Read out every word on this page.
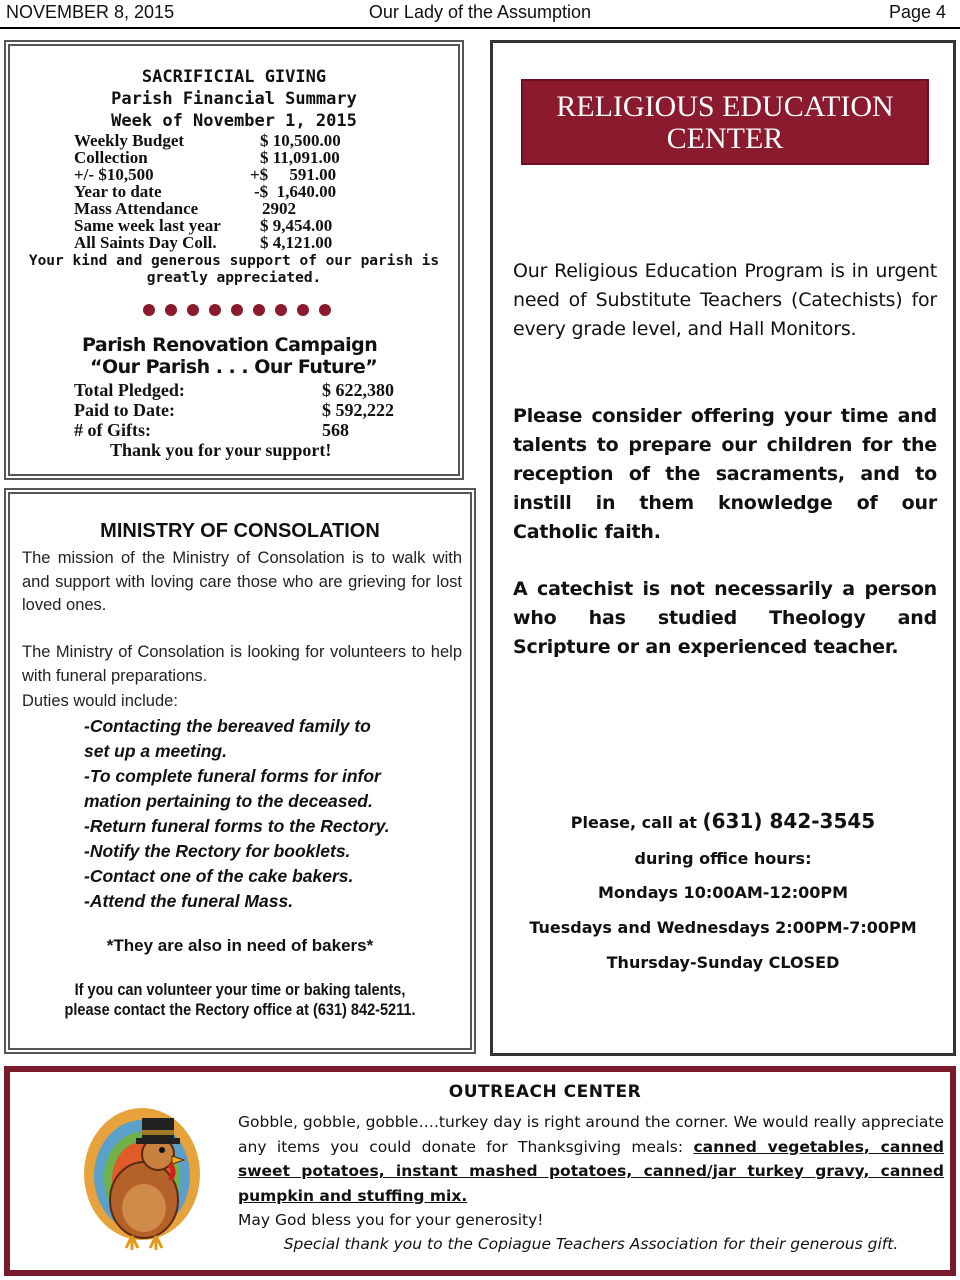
NOVEMBER 8, 2015	Our Lady of the Assumption	Page 4
SACRIFICIAL GIVING
Parish Financial Summary
Week of November 1, 2015
Weekly Budget	$ 10,500.00
Collection	$ 11,091.00
+/- $10,500	+$     591.00
Year to date	-$  1,640.00
Mass Attendance	2902
Same week last year $ 9,454.00
All Saints Day Coll.	$ 4,121.00
Your kind and generous support of our parish is
greatly appreciated.
Parish Renovation Campaign
“Our Parish . . . Our Future”
Total Pledged:	$ 622,380
Paid to Date:	$ 592,222
# of Gifts:	568
Thank you for your support!
MINISTRY OF CONSOLATION
The mission of the Ministry of Consolation is to walk with and support with loving care those who are grieving for lost loved ones.
The Ministry of Consolation is looking for volunteers to help with funeral preparations.
Duties would include:
-Contacting the bereaved family to
set up a meeting.
-To complete funeral forms for infor
mation pertaining to the deceased.
-Return funeral forms to the Rectory.
-Notify the Rectory for booklets.
-Contact one of the cake bakers.
-Attend the funeral Mass.
*They are also in need of bakers*
If you can volunteer your time or baking talents,
please contact the Rectory office at (631) 842-5211.
RELIGIOUS EDUCATION
CENTER
Our Religious Education Program is in urgent need of Substitute Teachers (Catechists) for every grade level, and Hall Monitors.
Please consider offering your time and talents to prepare our children for the reception of the sacraments, and to instill in them knowledge of our Catholic faith.
A catechist is not necessarily a person who has studied Theology and Scripture or an experienced teacher.
Please, call at (631) 842-3545
during office hours:
Mondays 10:00AM-12:00PM
Tuesdays and Wednesdays 2:00PM-7:00PM
Thursday-Sunday CLOSED
OUTREACH CENTER
Gobble, gobble, gobble….turkey day is right around the corner. We would really appreciate any items you could donate for Thanksgiving meals: canned vegetables, canned sweet potatoes, instant mashed potatoes, canned/jar turkey gravy, canned pumpkin and stuffing mix.
May God bless you for your generosity!
Special thank you to the Copiague Teachers Association for their generous gift.
